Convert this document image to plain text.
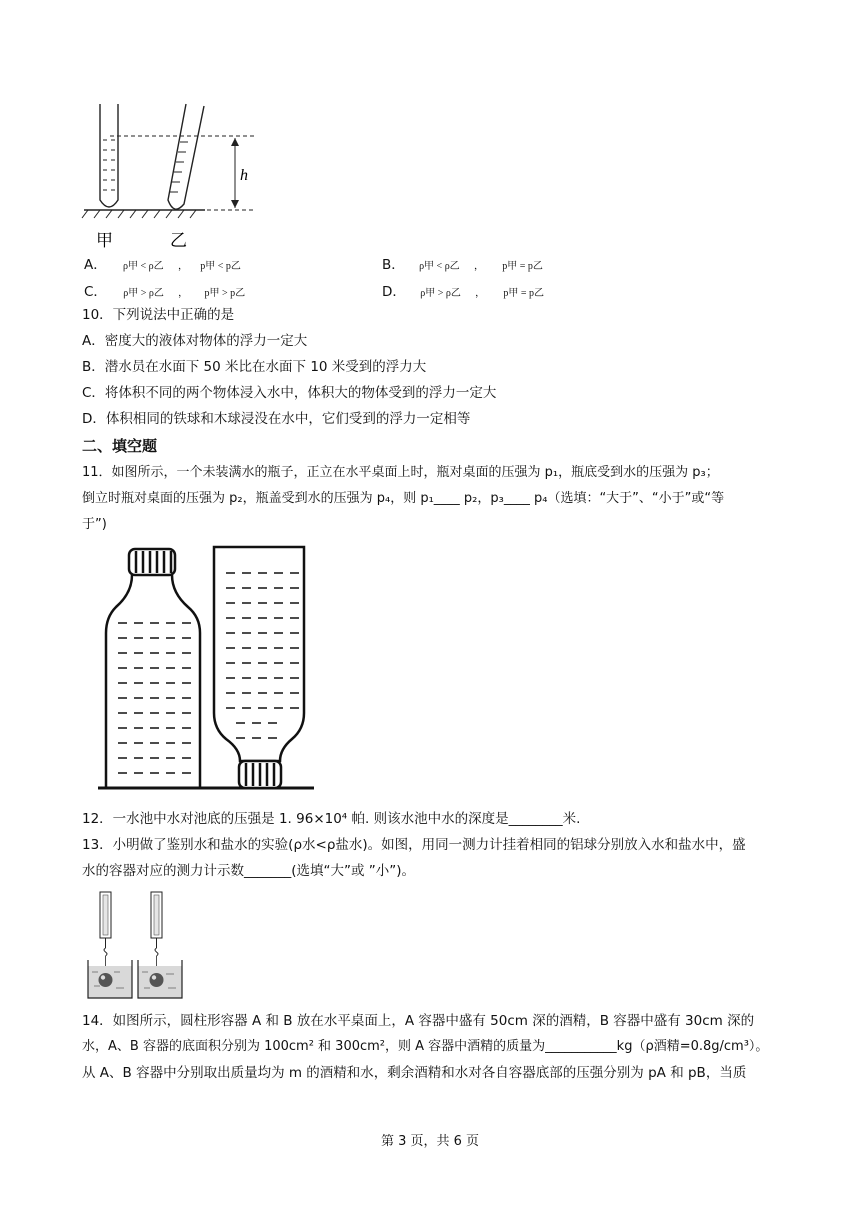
h
甲	乙
A． ρ甲 < ρ乙 ， p甲 < p乙	B． ρ甲 < ρ乙 ， p甲 = p乙
C． ρ甲 > ρ乙 ， p甲 > p乙	D． ρ甲 > ρ乙 ， p甲 = p乙
10．下列说法中正确的是
A．密度大的液体对物体的浮力一定大
B．潜水员在水面下 50 米比在水面下 10 米受到的浮力大
C．将体积不同的两个物体浸入水中，体积大的物体受到的浮力一定大
D．体积相同的铁球和木球浸没在水中，它们受到的浮力一定相等
二、填空题
11．如图所示，一个未装满水的瓶子，正立在水平桌面上时，瓶对桌面的压强为 p₁，瓶底受到水的压强为 p₃；
倒立时瓶对桌面的压强为 p₂，瓶盖受到水的压强为 p₄，则 p₁____ p₂，p₃____ p₄（选填：“大于”、“小于”或“等
于”)
12．一水池中水对池底的压强是 1. 96×10⁴ 帕. 则该水池中水的深度是________米.
13．小明做了鉴别水和盐水的实验(ρ水<ρ盐水)。如图，用同一测力计挂着相同的铝球分别放入水和盐水中，盛
水的容器对应的测力计示数_______(选填“大”或 ”小”)。
14．如图所示，圆柱形容器 A 和 B 放在水平桌面上，A 容器中盛有 50cm 深的酒精，B 容器中盛有 30cm 深的
水，A、B 容器的底面积分别为 100cm² 和 300cm²，则 A 容器中酒精的质量为___________kg（ρ酒精=0.8g/cm³）。
从 A、B 容器中分别取出质量均为 m 的酒精和水，剩余酒精和水对各自容器底部的压强分别为 pA 和 pB，当质
第 3 页，共 6 页
